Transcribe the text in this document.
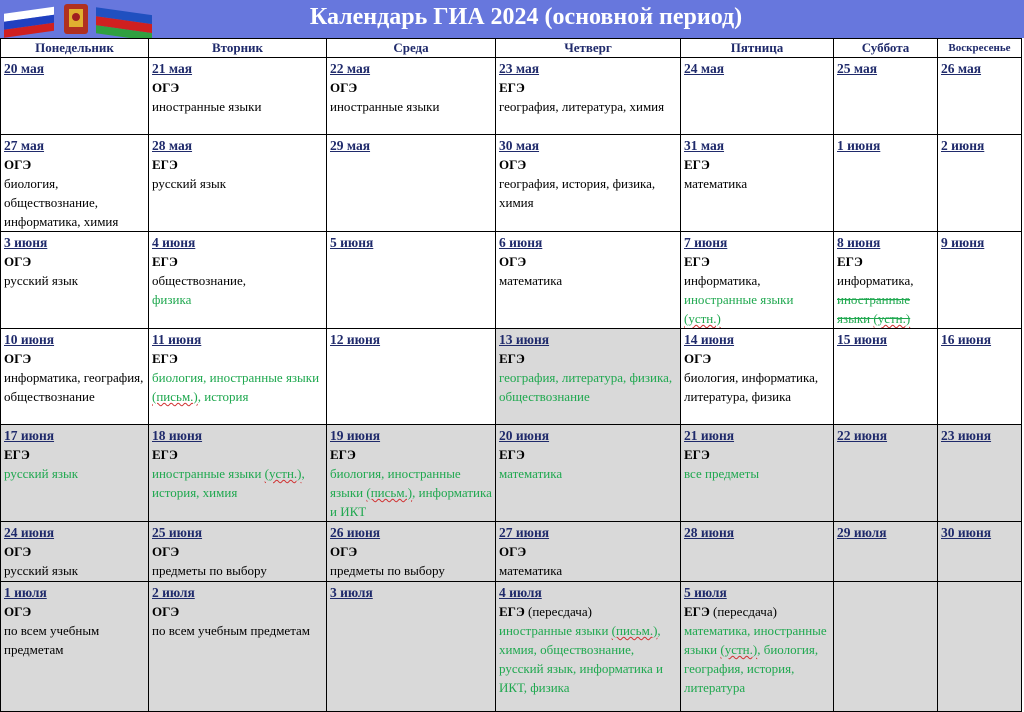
Календарь ГИА 2024 (основной период)
Понедельник	Вторник	Среда	Четверг	Пятница	Суббота	Воскресенье

20 мая	21 мая
ОГЭ
иностранные языки	22 мая
ОГЭ
иностранные языки	23 мая
ЕГЭ
география, литература, химия	24 мая	25 мая	26 мая

27 мая
ОГЭ
биология, обществознание, информатика, химия	28 мая
ЕГЭ
русский язык	29 мая	30 мая
ОГЭ
география, история, физика, химия	31 мая
ЕГЭ
математика	1 июня	2 июня

3 июня
ОГЭ
русский язык	4 июня
ЕГЭ
обществознание,
физика	5 июня	6 июня
ОГЭ
математика	7 июня
ЕГЭ
информатика,
иностранные языки (устн.)	8 июня
ЕГЭ
информатика,
иностранные языки (устн.)	9 июня

10 июня
ОГЭ
информатика, география, обществознание	11 июня
ЕГЭ
биология, иностранные языки (письм.), история	12 июня	13 июня
ЕГЭ
география, литература, физика, обществознание	14 июня
ОГЭ
биология, информатика, литература, физика	15 июня	16 июня

17 июня
ЕГЭ
русский язык	18 июня
ЕГЭ
иностранные языки (устн.), история, химия	19 июня
ЕГЭ
биология, иностранные языки (письм.), информатика и ИКТ	20 июня
ЕГЭ
математика	21 июня
ЕГЭ
все предметы	22 июня	23 июня

24 июня
ОГЭ
русский язык	25 июня
ОГЭ
предметы по выбору	26 июня
ОГЭ
предметы по выбору	27 июня
ОГЭ
математика	28 июня	29 июля	30 июня

1 июля
ОГЭ
по всем учебным предметам	2 июля
ОГЭ
по всем учебным предметам	3 июля	4 июля
ЕГЭ (пересдача)
иностранные языки (письм.), химия, обществознание, русский язык, информатика и ИКТ, физика	5 июля
ЕГЭ (пересдача)
математика, иностранные языки (устн.), биология, география, история, литература		
